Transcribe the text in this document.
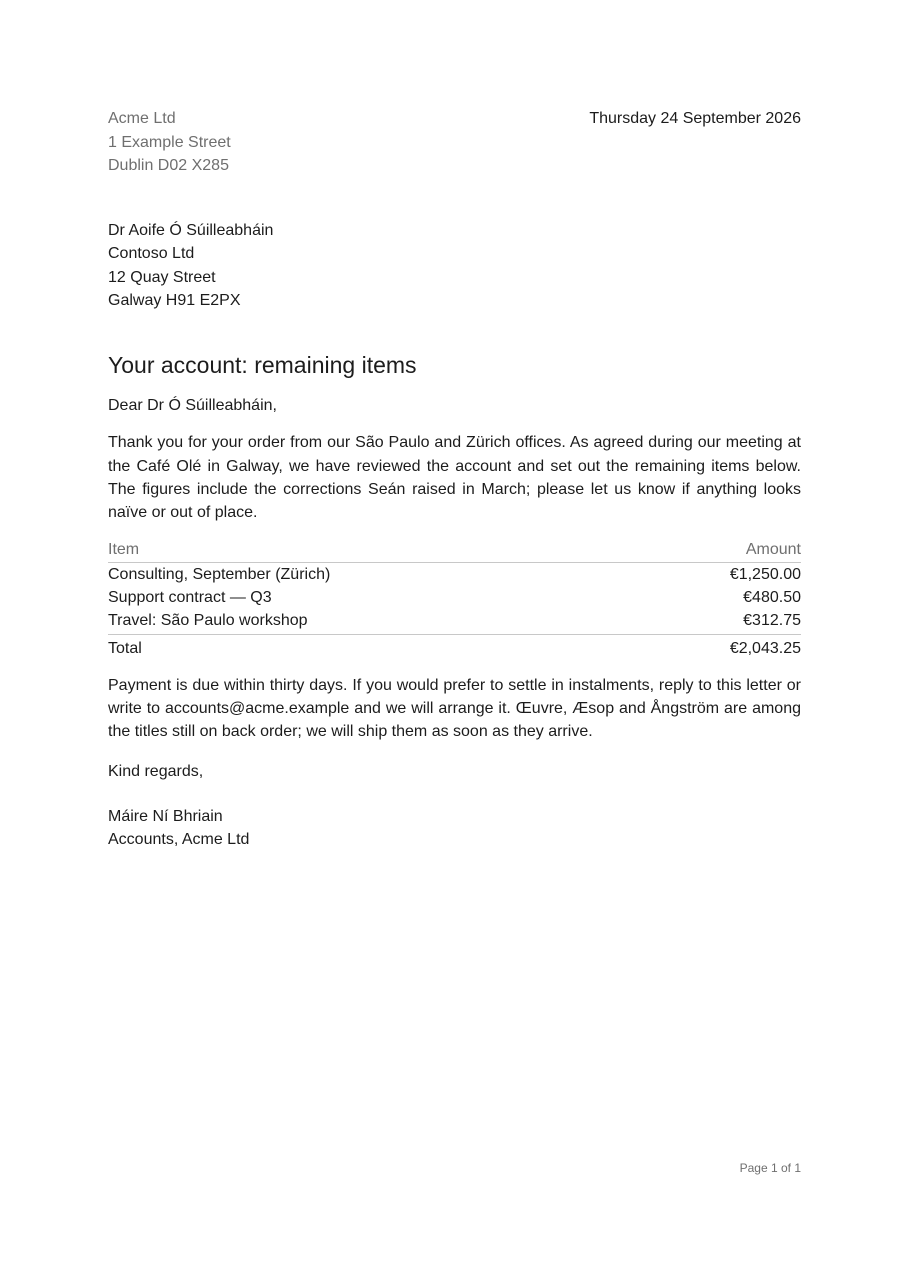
Acme Ltd
1 Example Street
Dublin D02 X285
Thursday 24 September 2026
Dr Aoife Ó Súilleabháin
Contoso Ltd
12 Quay Street
Galway H91 E2PX
Your account: remaining items

Dear Dr Ó Súilleabháin,

Thank you for your order from our São Paulo and Zürich offices. As agreed during our meeting at the Café Olé in Galway, we have reviewed the account and set out the remaining items below. The figures include the corrections Seán raised in March; please let us know if anything looks naïve or out of place.

Item	Amount
Consulting, September (Zürich)	€1,250.00
Support contract — Q3	€480.50
Travel: São Paulo workshop	€312.75
Total	€2,043.25

Payment is due within thirty days. If you would prefer to settle in instalments, reply to this letter or write to accounts@acme.example and we will arrange it. Œuvre, Æsop and Ångström are among the titles still on back order; we will ship them as soon as they arrive.

Kind regards,

Máire Ní Bhriain
Accounts, Acme Ltd
Page 1 of 1
